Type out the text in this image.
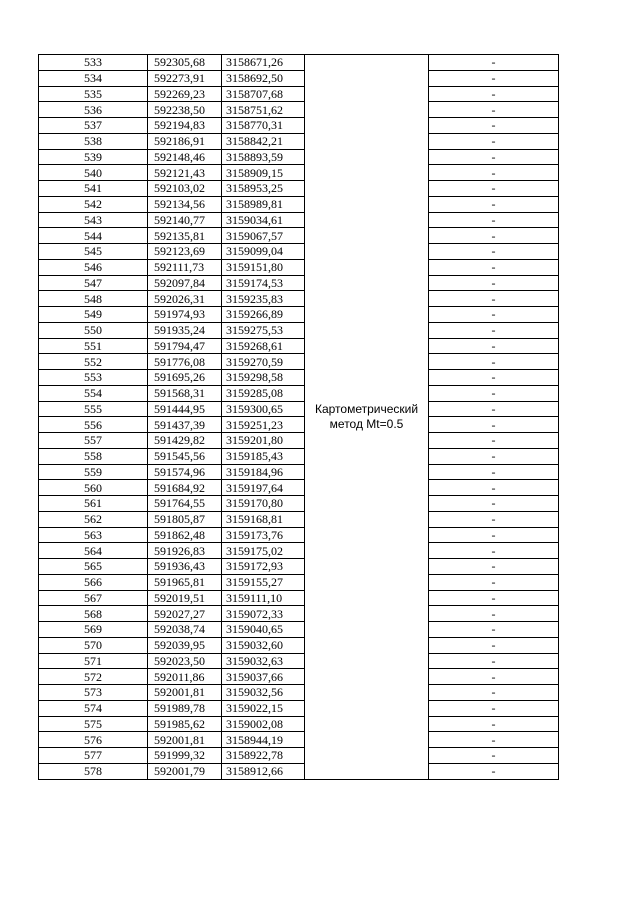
533	592305,68	3158671,26	Картометрический метод Mt=0.5	-
534	592273,91	3158692,50		-
535	592269,23	3158707,68		-
536	592238,50	3158751,62		-
537	592194,83	3158770,31		-
538	592186,91	3158842,21		-
539	592148,46	3158893,59		-
540	592121,43	3158909,15		-
541	592103,02	3158953,25		-
542	592134,56	3158989,81		-
543	592140,77	3159034,61		-
544	592135,81	3159067,57		-
545	592123,69	3159099,04		-
546	592111,73	3159151,80		-
547	592097,84	3159174,53		-
548	592026,31	3159235,83		-
549	591974,93	3159266,89		-
550	591935,24	3159275,53		-
551	591794,47	3159268,61		-
552	591776,08	3159270,59		-
553	591695,26	3159298,58		-
554	591568,31	3159285,08		-
555	591444,95	3159300,65		-
556	591437,39	3159251,23		-
557	591429,82	3159201,80		-
558	591545,56	3159185,43		-
559	591574,96	3159184,96		-
560	591684,92	3159197,64		-
561	591764,55	3159170,80		-
562	591805,87	3159168,81		-
563	591862,48	3159173,76		-
564	591926,83	3159175,02		-
565	591936,43	3159172,93		-
566	591965,81	3159155,27		-
567	592019,51	3159111,10		-
568	592027,27	3159072,33		-
569	592038,74	3159040,65		-
570	592039,95	3159032,60		-
571	592023,50	3159032,63		-
572	592011,86	3159037,66		-
573	592001,81	3159032,56		-
574	591989,78	3159022,15		-
575	591985,62	3159002,08		-
576	592001,81	3158944,19		-
577	591999,32	3158922,78		-
578	592001,79	3158912,66		-
